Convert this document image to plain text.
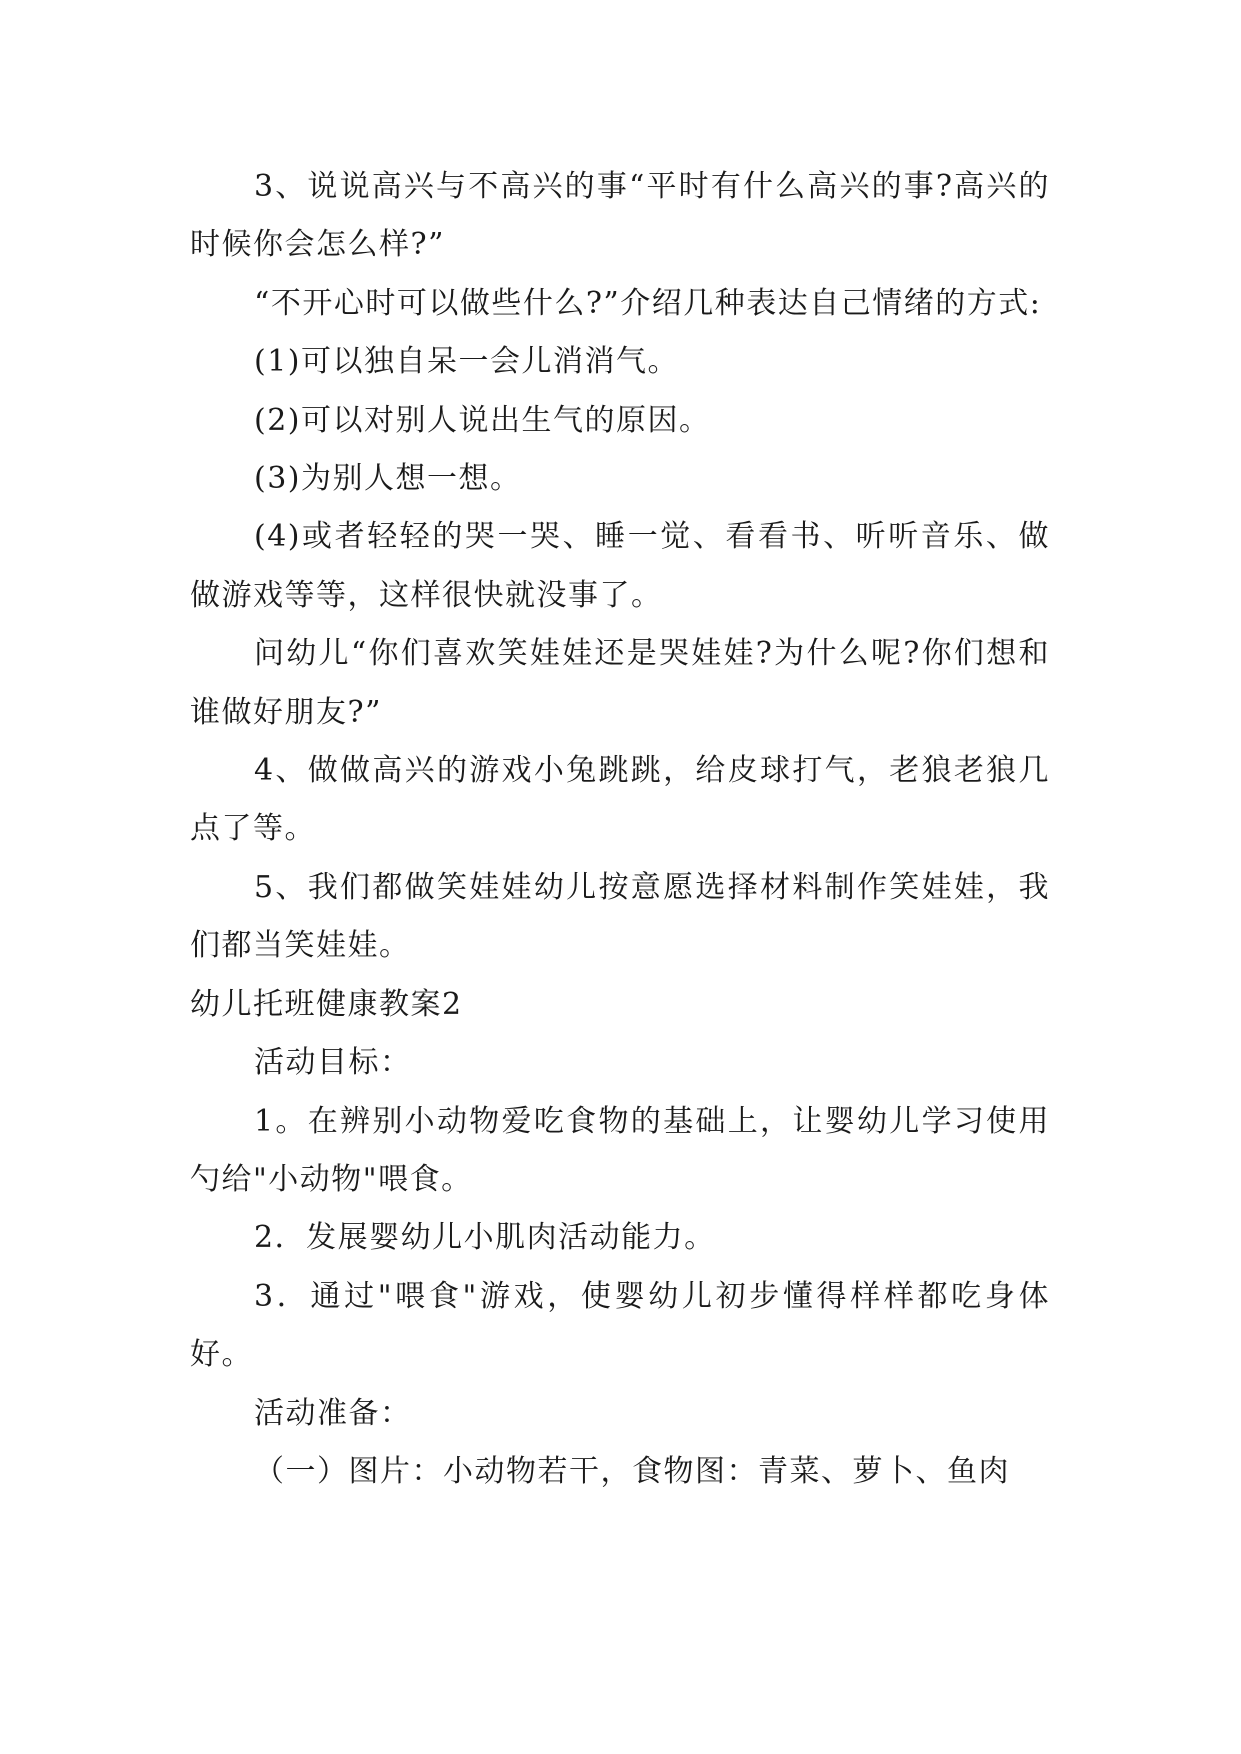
3、说说高兴与不高兴的事“平时有什么高兴的事?高兴的时候你会怎么样?”

“不开心时可以做些什么?”介绍几种表达自己情绪的方式:

(1)可以独自呆一会儿消消气。

(2)可以对别人说出生气的原因。

(3)为别人想一想。

(4)或者轻轻的哭一哭、睡一觉、看看书、听听音乐、做做游戏等等，这样很快就没事了。

问幼儿“你们喜欢笑娃娃还是哭娃娃?为什么呢?你们想和谁做好朋友?”

4、做做高兴的游戏小兔跳跳，给皮球打气，老狼老狼几点了等。

5、我们都做笑娃娃幼儿按意愿选择材料制作笑娃娃，我们都当笑娃娃。

幼儿托班健康教案2

活动目标：

1。在辨别小动物爱吃食物的基础上，让婴幼儿学习使用勺给"小动物"喂食。

2．发展婴幼儿小肌肉活动能力。

3．通过"喂食"游戏，使婴幼儿初步懂得样样都吃身体好。

活动准备：

（一）图片：小动物若干，食物图：青菜、萝卜、鱼肉
